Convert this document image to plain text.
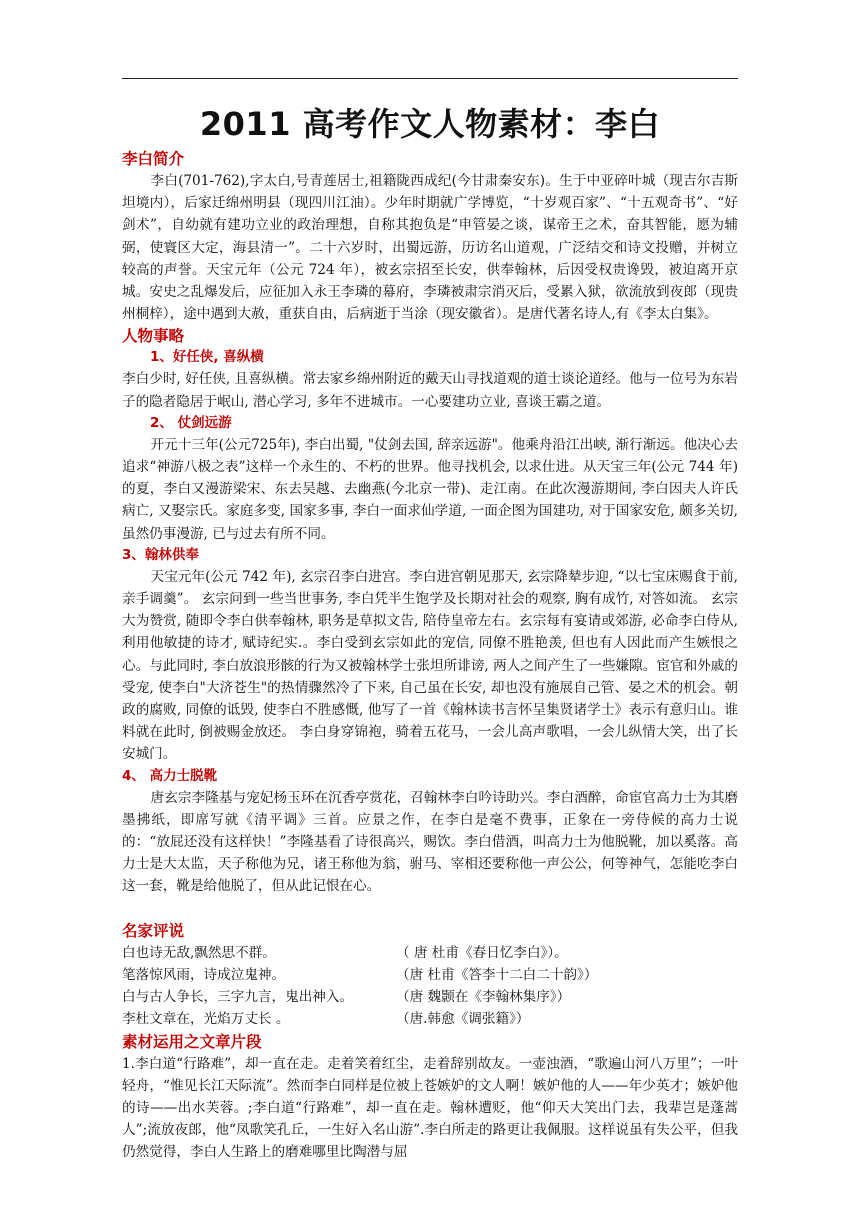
2011 高考作文人物素材：李白
李白简介

李白(701-762),字太白,号青莲居士,祖籍陇西成纪(今甘肃秦安东)。生于中亚碎叶城（现吉尔吉斯坦境内），后家迁绵州明县（现四川江油）。少年时期就广学博览，“十岁观百家”、“十五观奇书”、“好剑术”，自幼就有建功立业的政治理想，自称其抱负是“申管晏之谈，谋帝王之术，奋其智能，愿为辅弼，使寰区大定，海县清一”。二十六岁时，出蜀远游，历访名山道观，广泛结交和诗文投赠，并树立较高的声誉。天宝元年（公元 724 年），被玄宗招至长安，供奉翰林，后因受权贵谗毁，被迫离开京城。安史之乱爆发后，应征加入永王李璘的幕府，李璘被肃宗消灭后，受累入狱，欲流放到夜郎（现贵州桐梓），途中遇到大赦，重获自由，后病逝于当涂（现安徽省）。是唐代著名诗人,有《李太白集》。

人物事略
1、好任侠, 喜纵横

李白少时, 好任侠, 且喜纵横。常去家乡绵州附近的戴天山寻找道观的道士谈论道经。他与一位号为东岩子的隐者隐居于岷山, 潜心学习, 多年不进城市。一心要建功立业, 喜谈王霸之道。

2、 仗剑远游

开元十三年(公元725年), 李白出蜀, "仗剑去国, 辞亲远游"。他乘舟沿江出峡, 渐行渐远。他决心去追求“神游八极之表”这样一个永生的、不朽的世界。他寻找机会, 以求仕进。从天宝三年(公元 744 年)的夏，李白又漫游梁宋、东去吴越、去幽燕(今北京一带)、走江南。在此次漫游期间, 李白因夫人许氏病亡, 又娶宗氏。家庭多变, 国家多事, 李白一面求仙学道, 一面企图为国建功, 对于国家安危, 颇多关切, 虽然仍事漫游, 已与过去有所不同。

3、翰林供奉

天宝元年(公元 742 年), 玄宗召李白进宫。李白进宫朝见那天, 玄宗降辇步迎, “以七宝床赐食于前, 亲手调羹”。 玄宗问到一些当世事务, 李白凭半生饱学及长期对社会的观察, 胸有成竹, 对答如流。 玄宗大为赞赏, 随即令李白供奉翰林, 职务是草拟文告, 陪侍皇帝左右。玄宗每有宴请或郊游, 必命李白侍从, 利用他敏捷的诗才, 赋诗纪实.。李白受到玄宗如此的宠信, 同僚不胜艳羡, 但也有人因此而产生嫉恨之心。与此同时, 李白放浪形骸的行为又被翰林学士张坦所诽谤, 两人之间产生了一些嫌隙。宦官和外戚的受宠, 使李白"大济苍生"的热情骤然冷了下来, 自己虽在长安, 却也没有施展自己管、晏之术的机会。朝政的腐败, 同僚的诋毁, 使李白不胜感慨, 他写了一首《翰林读书言怀呈集贤诸学士》表示有意归山。谁料就在此时, 倒被赐金放还。 李白身穿锦袍，骑着五花马，一会儿高声歌唱，一会儿纵情大笑，出了长安城门。

4、 高力士脱靴

唐玄宗李隆基与宠妃杨玉环在沉香亭赏花，召翰林李白吟诗助兴。李白酒醉，命宦官高力士为其磨墨拂纸，即席写就《清平调》三首。应景之作，在李白是毫不费事，正象在一旁侍候的高力士说的：“放屁还没有这样快！”李隆基看了诗很高兴，赐饮。李白借酒，叫高力士为他脱靴，加以奚落。高力士是大太监，天子称他为兄，诸王称他为翁，驸马、宰相还要称他一声公公，何等神气，怎能吃李白这一套，靴是给他脱了，但从此记恨在心。

名家评说
白也诗无敌,飘然思不群。	（ 唐 杜甫《春日忆李白》）。
笔落惊风雨，诗成泣鬼神。	（唐 杜甫《答李十二白二十韵》）
白与古人争长，三字九言，鬼出神入。	（唐 魏颢在《李翰林集序》）
李杜文章在，光焰万丈长 。	（唐.韩愈《调张籍》）
素材运用之文章片段

1.李白道“行路难”，却一直在走。走着笑着红尘，走着辞别故友。一壶浊酒，“歌遍山河八万里”；一叶轻舟，“惟见长江天际流”。然而李白同样是位被上苍嫉妒的文人啊！嫉妒他的人——年少英才；嫉妒他的诗——出水芙蓉。;李白道“行路难”，却一直在走。翰林遭贬，他“仰天大笑出门去，我辈岂是蓬蒿人”;流放夜郎，他“凤歌笑孔丘，一生好入名山游”.李白所走的路更让我佩服。这样说虽有失公平，但我仍然觉得，李白人生路上的磨难哪里比陶潜与屈
